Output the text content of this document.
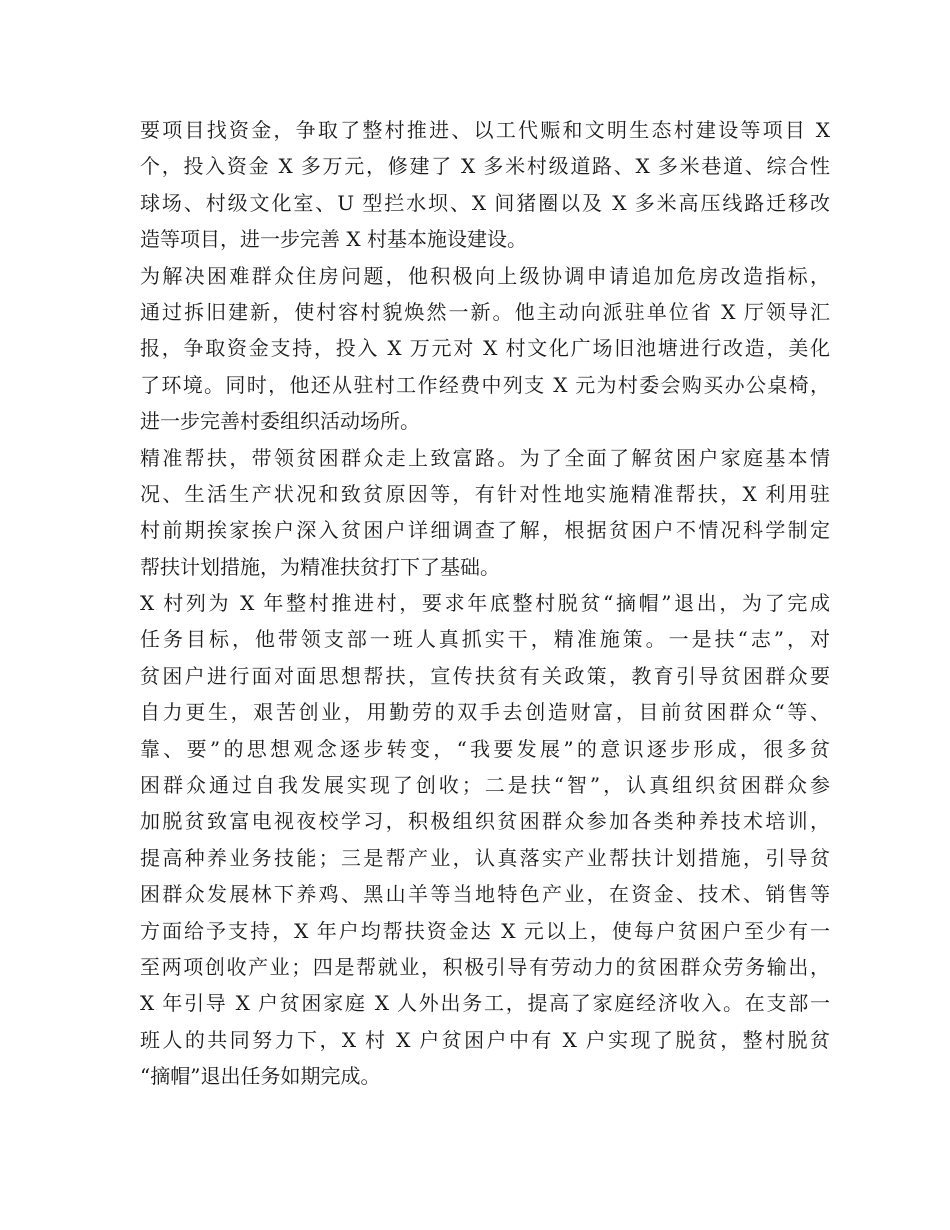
要项目找资金，争取了整村推进、以工代赈和文明生态村建设等项目 X
个，投入资金 X 多万元，修建了 X 多米村级道路、X 多米巷道、综合性
球场、村级文化室、U 型拦水坝、X 间猪圈以及 X 多米高压线路迁移改
造等项目，进一步完善 X 村基本施设建设。
为解决困难群众住房问题，他积极向上级协调申请追加危房改造指标，
通过拆旧建新，使村容村貌焕然一新。他主动向派驻单位省 X 厅领导汇
报，争取资金支持，投入 X 万元对 X 村文化广场旧池塘进行改造，美化
了环境。同时，他还从驻村工作经费中列支 X 元为村委会购买办公桌椅，
进一步完善村委组织活动场所。
精准帮扶，带领贫困群众走上致富路。为了全面了解贫困户家庭基本情
况、生活生产状况和致贫原因等，有针对性地实施精准帮扶，X 利用驻
村前期挨家挨户深入贫困户详细调查了解，根据贫困户不情况科学制定
帮扶计划措施，为精准扶贫打下了基础。
X 村列为 X 年整村推进村，要求年底整村脱贫“摘帽”退出，为了完成
任务目标，他带领支部一班人真抓实干，精准施策。一是扶“志”，对
贫困户进行面对面思想帮扶，宣传扶贫有关政策，教育引导贫困群众要
自力更生，艰苦创业，用勤劳的双手去创造财富，目前贫困群众“等、
靠、要”的思想观念逐步转变，“我要发展”的意识逐步形成，很多贫
困群众通过自我发展实现了创收；二是扶“智”，认真组织贫困群众参
加脱贫致富电视夜校学习，积极组织贫困群众参加各类种养技术培训，
提高种养业务技能；三是帮产业，认真落实产业帮扶计划措施，引导贫
困群众发展林下养鸡、黑山羊等当地特色产业，在资金、技术、销售等
方面给予支持，X 年户均帮扶资金达 X 元以上，使每户贫困户至少有一
至两项创收产业；四是帮就业，积极引导有劳动力的贫困群众劳务输出，
X 年引导 X 户贫困家庭 X 人外出务工，提高了家庭经济收入。在支部一
班人的共同努力下，X 村 X 户贫困户中有 X 户实现了脱贫，整村脱贫
“摘帽”退出任务如期完成。
